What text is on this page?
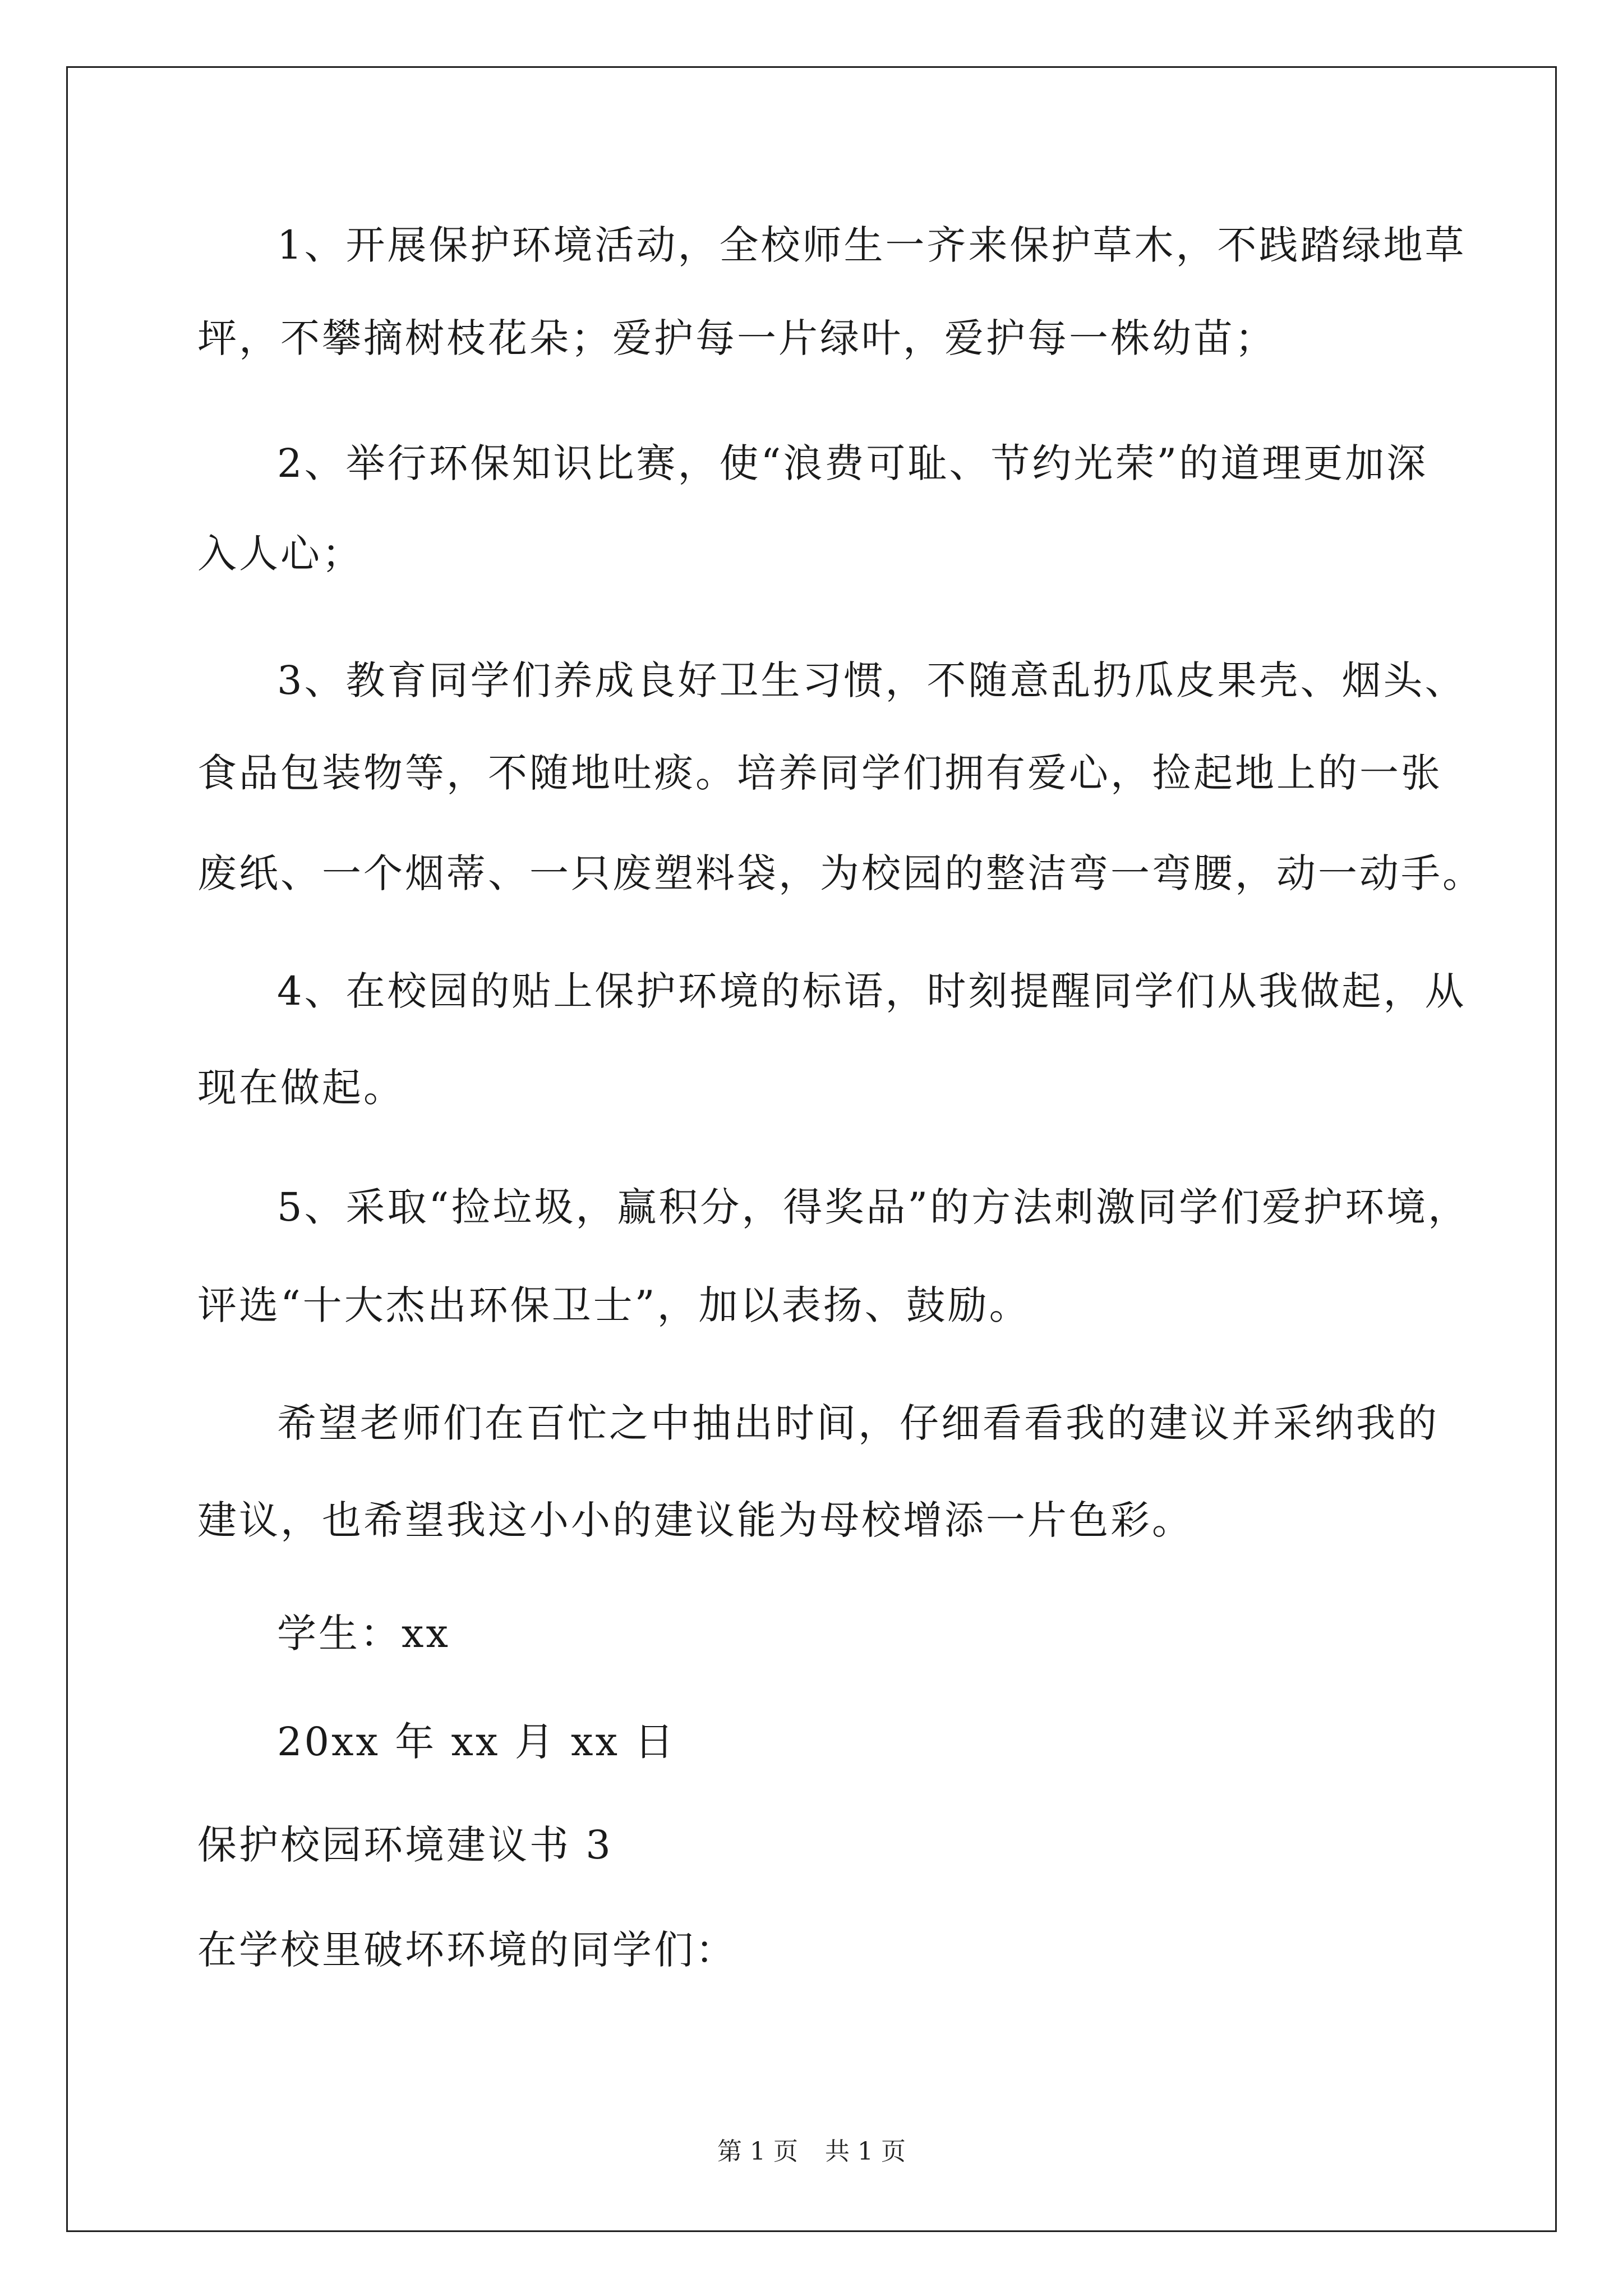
1、开展保护环境活动，全校师生一齐来保护草木，不践踏绿地草
坪，不攀摘树枝花朵；爱护每一片绿叶，爱护每一株幼苗；
2、举行环保知识比赛，使“浪费可耻、节约光荣”的道理更加深
入人心；
3、教育同学们养成良好卫生习惯，不随意乱扔瓜皮果壳、烟头、
食品包装物等，不随地吐痰。培养同学们拥有爱心，捡起地上的一张
废纸、一个烟蒂、一只废塑料袋，为校园的整洁弯一弯腰，动一动手。
4、在校园的贴上保护环境的标语，时刻提醒同学们从我做起，从
现在做起。
5、采取“捡垃圾，赢积分，得奖品”的方法刺激同学们爱护环境，
评选“十大杰出环保卫士”，加以表扬、鼓励。
希望老师们在百忙之中抽出时间，仔细看看我的建议并采纳我的
建议，也希望我这小小的建议能为母校增添一片色彩。
学生：xx
20xx 年 xx 月 xx 日
保护校园环境建议书 3
在学校里破坏环境的同学们：
第 1 页 共 1 页
